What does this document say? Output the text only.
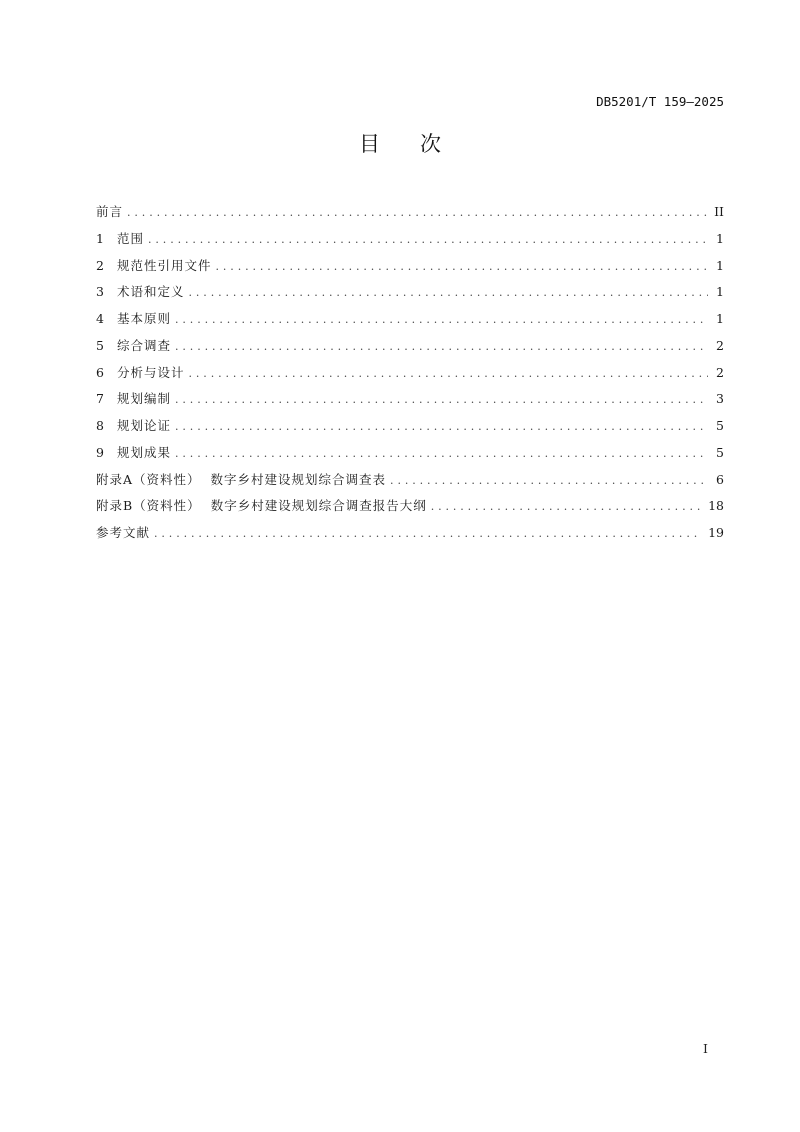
DB5201/T 159—2025
目 次
前言 . . .	II
1	范围 . . .	1
2	规范性引用文件 . . .	1
3	术语和定义 . . .	1
4	基本原则 . . .	1
5	综合调查 . . .	2
6	分析与设计 . . .	2
7	规划编制 . . .	3
8	规划论证 . . .	5
9	规划成果 . . .	5
附录A（资料性） 数字乡村建设规划综合调查表 . . .	6
附录B（资料性） 数字乡村建设规划综合调查报告大纲 . . .	18
参考文献 . . .	19
I
